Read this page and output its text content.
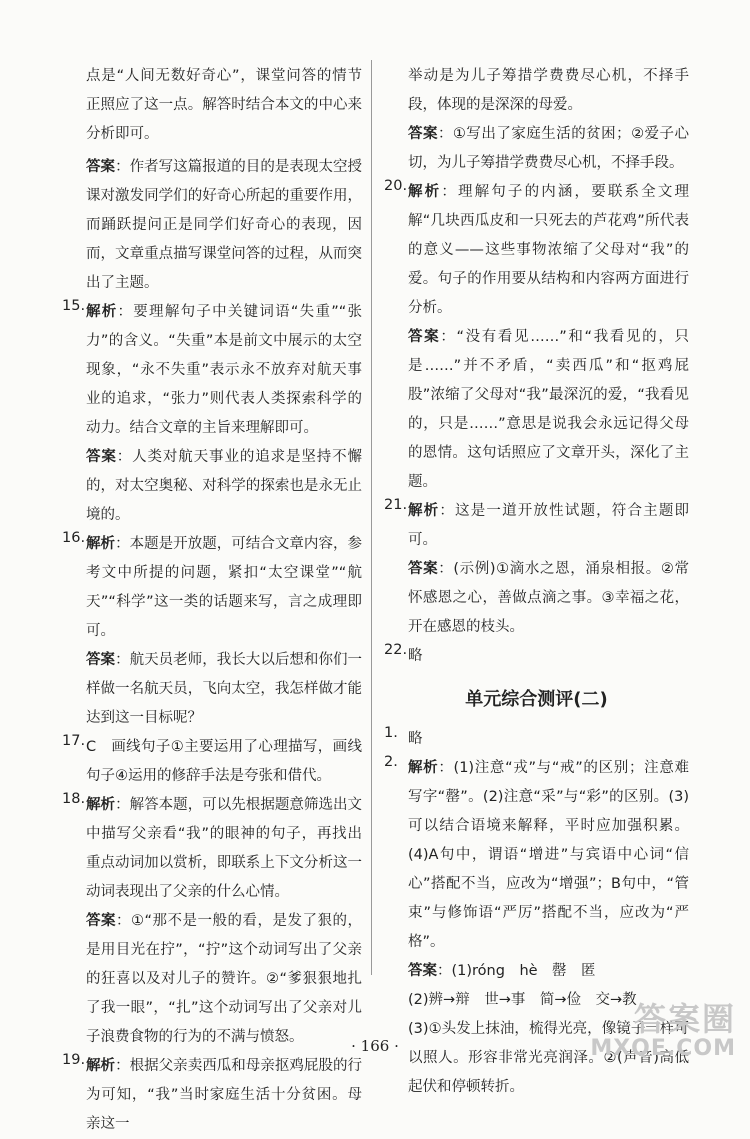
点是“人间无数好奇心”，课堂问答的情节正照应了这一点。解答时结合本文的中心来分析即可。

答案：作者写这篇报道的目的是表现太空授课对激发同学们的好奇心所起的重要作用，而踊跃提问正是同学们好奇心的表现，因而，文章重点描写课堂问答的过程，从而突出了主题。

15. 解析：要理解句子中关键词语“失重”“张力”的含义。“失重”本是前文中展示的太空现象，“永不失重”表示永不放弃对航天事业的追求，“张力”则代表人类探索科学的动力。结合文章的主旨来理解即可。

答案：人类对航天事业的追求是坚持不懈的，对太空奥秘、对科学的探索也是永无止境的。

16. 解析：本题是开放题，可结合文章内容，参考文中所提的问题，紧扣“太空课堂”“航天”“科学”这一类的话题来写，言之成理即可。

答案：航天员老师，我长大以后想和你们一样做一名航天员，飞向太空，我怎样做才能达到这一目标呢？

17. C　画线句子①主要运用了心理描写，画线句子④运用的修辞手法是夸张和借代。

18. 解析：解答本题，可以先根据题意筛选出文中描写父亲看“我”的眼神的句子，再找出重点动词加以赏析，即联系上下文分析这一动词表现出了父亲的什么心情。

答案：①“那不是一般的看，是发了狠的，是用目光在拧”，“拧”这个动词写出了父亲的狂喜以及对儿子的赞许。②“爹狠狠地扎了我一眼”，“扎”这个动词写出了父亲对儿子浪费食物的行为的不满与愤怒。

19. 解析：根据父亲卖西瓜和母亲抠鸡屁股的行为可知，“我”当时家庭生活十分贫困。母亲这一

举动是为儿子筹措学费费尽心机，不择手段，体现的是深深的母爱。

答案：①写出了家庭生活的贫困；②爱子心切，为儿子筹措学费费尽心机，不择手段。

20. 解析：理解句子的内涵，要联系全文理解“几块西瓜皮和一只死去的芦花鸡”所代表的意义——这些事物浓缩了父母对“我”的爱。句子的作用要从结构和内容两方面进行分析。

答案：“没有看见……”和“我看见的，只是……”并不矛盾，“卖西瓜”和“抠鸡屁股”浓缩了父母对“我”最深沉的爱，“我看见的，只是……”意思是说我会永远记得父母的恩情。这句话照应了文章开头，深化了主题。

21. 解析：这是一道开放性试题，符合主题即可。

答案：(示例)①滴水之恩，涌泉相报。②常怀感恩之心，善做点滴之事。③幸福之花，开在感恩的枝头。

22. 略

单元综合测评(二)
1. 略

2. 解析：(1)注意“戎”与“戒”的区别；注意难写字“罄”。(2)注意“采”与“彩”的区别。(3)可以结合语境来解释，平时应加强积累。(4)A句中，谓语“增进”与宾语中心词“信心”搭配不当，应改为“增强”；B句中，“管束”与修饰语“严厉”搭配不当，应改为“严格”。

答案：(1)róng　hè　罄　匿

(2)辨→辩　世→事　简→俭　交→教

(3)①头发上抹油，梳得光亮，像镜子一样可以照人。形容非常光亮润泽。②(声音)高低起伏和停顿转折。

· 166 ·
答案圈
MXQE.COM
